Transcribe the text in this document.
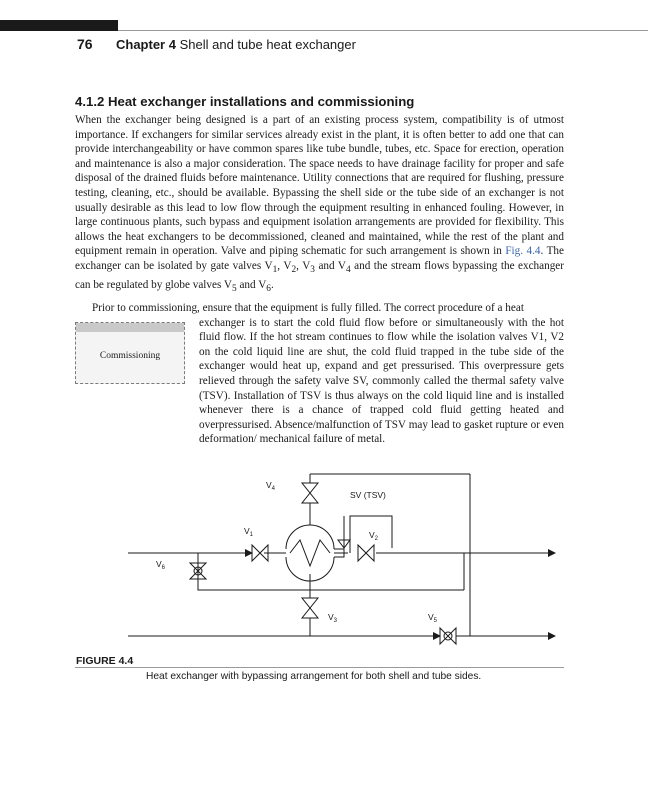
76 Chapter 4 Shell and tube heat exchanger
4.1.2 Heat exchanger installations and commissioning

When the exchanger being designed is a part of an existing process system, compatibility is of utmost importance. If exchangers for similar services already exist in the plant, it is often better to add one that can provide interchangeability or have common spares like tube bundle, tubes, etc. Space for erection, operation and maintenance is also a major consideration. The space needs to have drainage facility for proper and safe disposal of the drained fluids before maintenance. Utility connections that are required for flushing, pressure testing, cleaning, etc., should be available. Bypassing the shell side or the tube side of an exchanger is not usually desirable as this lead to low flow through the equipment resulting in enhanced fouling. However, in large continuous plants, such bypass and equipment isolation arrangements are provided for flexibility. This allows the heat exchangers to be decommissioned, cleaned and maintained, while the rest of the plant and equipment remain in operation. Valve and piping schematic for such arrangement is shown in Fig. 4.4. The exchanger can be isolated by gate valves $V_1$, $V_2$, $V_3$ and $V_4$ and the stream flows bypassing the exchanger can be regulated by globe valves $V_5$ and $V_6$.

Prior to commissioning, ensure that the equipment is fully filled. The correct procedure of a heat
exchanger is to start the cold fluid flow before or simultaneously with the hot fluid flow. If the hot stream continues to flow while the isolation valves V1, V2 on the cold liquid line are shut, the cold fluid trapped in the tube side of the exchanger would heat up, expand and get pressurised. This overpressure gets relieved through the safety valve SV, commonly called the thermal safety valve (TSV). Installation of TSV is thus always on the cold liquid line and is installed whenever there is a chance of trapped cold fluid getting heated and overpressurised. Absence/malfunction of TSV may lead to gasket rupture or even deformation/ mechanical failure of metal.

Commissioning
$V_4$
$V_1$	$V_2$
$V_3$	$V_5$
$V_6$
SV (TSV)
FIGURE 4.4
Heat exchanger with bypassing arrangement for both shell and tube sides.
